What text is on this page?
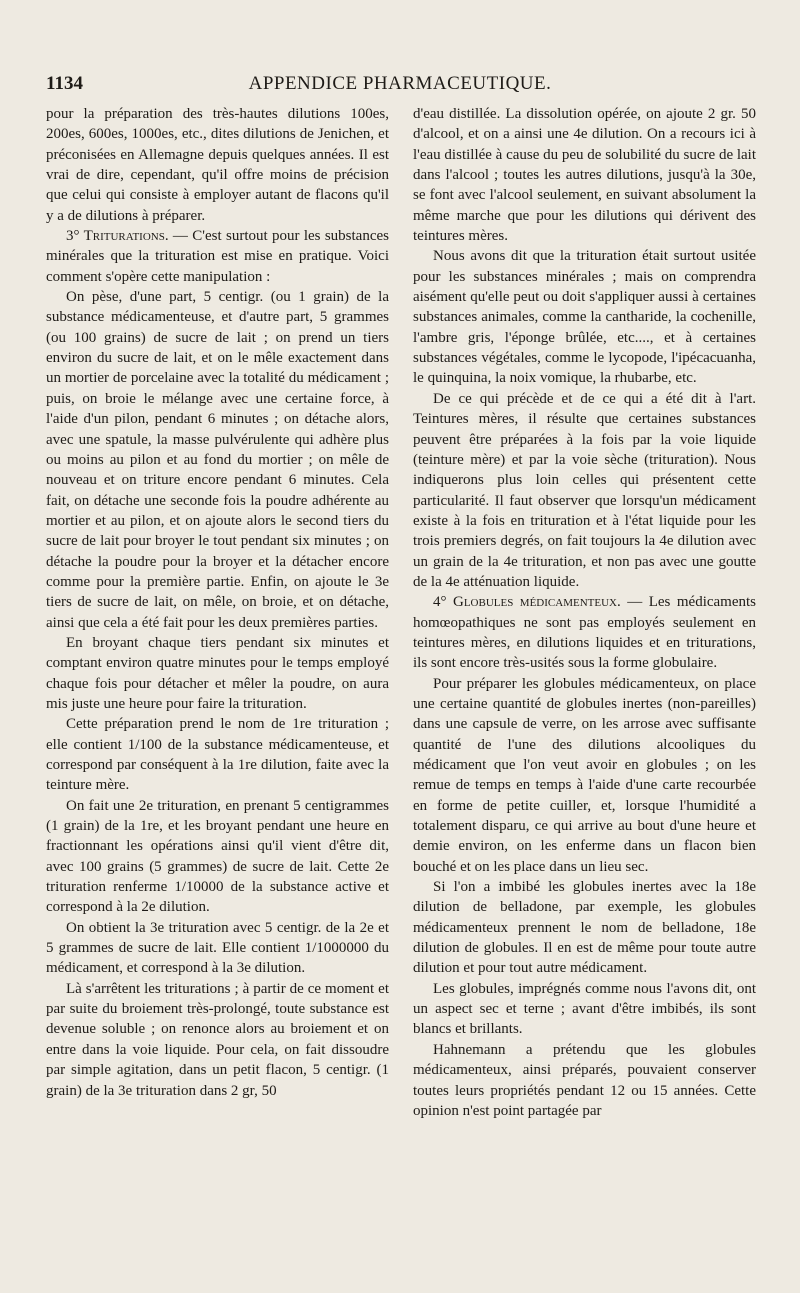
1134	APPENDICE PHARMACEUTIQUE.

pour la préparation des très-hautes dilutions 100es, 200es, 600es, 1000es, etc., dites dilutions de Jenichen, et préconisées en Allemagne depuis quelques années. Il est vrai de dire, cependant, qu'il offre moins de précision que celui qui consiste à employer autant de flacons qu'il y a de dilutions à préparer.

3° Triturations. — C'est surtout pour les substances minérales que la trituration est mise en pratique. Voici comment s'opère cette manipulation :

On pèse, d'une part, 5 centigr. (ou 1 grain) de la substance médicamenteuse, et d'autre part, 5 grammes (ou 100 grains) de sucre de lait ; on prend un tiers environ du sucre de lait, et on le mêle exactement dans un mortier de porcelaine avec la totalité du médicament ; puis, on broie le mélange avec une certaine force, à l'aide d'un pilon, pendant 6 minutes ; on détache alors, avec une spatule, la masse pulvérulente qui adhère plus ou moins au pilon et au fond du mortier ; on mêle de nouveau et on triture encore pendant 6 minutes. Cela fait, on détache une seconde fois la poudre adhérente au mortier et au pilon, et on ajoute alors le second tiers du sucre de lait pour broyer le tout pendant six minutes ; on détache la poudre pour la broyer et la détacher encore comme pour la première partie. Enfin, on ajoute le 3e tiers de sucre de lait, on mêle, on broie, et on détache, ainsi que cela a été fait pour les deux premières parties.

En broyant chaque tiers pendant six minutes et comptant environ quatre minutes pour le temps employé chaque fois pour détacher et mêler la poudre, on aura mis juste une heure pour faire la trituration.

Cette préparation prend le nom de 1re trituration ; elle contient 1/100 de la substance médicamenteuse, et correspond par conséquent à la 1re dilution, faite avec la teinture mère.

On fait une 2e trituration, en prenant 5 centigrammes (1 grain) de la 1re, et les broyant pendant une heure en fractionnant les opérations ainsi qu'il vient d'être dit, avec 100 grains (5 grammes) de sucre de lait. Cette 2e trituration renferme 1/10000 de la substance active et correspond à la 2e dilution.

On obtient la 3e trituration avec 5 centigr. de la 2e et 5 grammes de sucre de lait. Elle contient 1/1000000 du médicament, et correspond à la 3e dilution.

Là s'arrêtent les triturations ; à partir de ce moment et par suite du broiement très-prolongé, toute substance est devenue soluble ; on renonce alors au broiement et on entre dans la voie liquide. Pour cela, on fait dissoudre par simple agitation, dans un petit flacon, 5 centigr. (1 grain) de la 3e trituration dans 2 gr, 50

d'eau distillée. La dissolution opérée, on ajoute 2 gr. 50 d'alcool, et on a ainsi une 4e dilution. On a recours ici à l'eau distillée à cause du peu de solubilité du sucre de lait dans l'alcool ; toutes les autres dilutions, jusqu'à la 30e, se font avec l'alcool seulement, en suivant absolument la même marche que pour les dilutions qui dérivent des teintures mères.

Nous avons dit que la trituration était surtout usitée pour les substances minérales ; mais on comprendra aisément qu'elle peut ou doit s'appliquer aussi à certaines substances animales, comme la cantharide, la cochenille, l'ambre gris, l'éponge brûlée, etc...., et à certaines substances végétales, comme le lycopode, l'ipécacuanha, le quinquina, la noix vomique, la rhubarbe, etc.

De ce qui précède et de ce qui a été dit à l'art. Teintures mères, il résulte que certaines substances peuvent être préparées à la fois par la voie liquide (teinture mère) et par la voie sèche (trituration). Nous indiquerons plus loin celles qui présentent cette particularité. Il faut observer que lorsqu'un médicament existe à la fois en trituration et à l'état liquide pour les trois premiers degrés, on fait toujours la 4e dilution avec un grain de la 4e trituration, et non pas avec une goutte de la 4e atténuation liquide.

4° Globules médicamenteux. — Les médicaments homœopathiques ne sont pas employés seulement en teintures mères, en dilutions liquides et en triturations, ils sont encore très-usités sous la forme globulaire.

Pour préparer les globules médicamenteux, on place une certaine quantité de globules inertes (non-pareilles) dans une capsule de verre, on les arrose avec suffisante quantité de l'une des dilutions alcooliques du médicament que l'on veut avoir en globules ; on les remue de temps en temps à l'aide d'une carte recourbée en forme de petite cuiller, et, lorsque l'humidité a totalement disparu, ce qui arrive au bout d'une heure et demie environ, on les enferme dans un flacon bien bouché et on les place dans un lieu sec.

Si l'on a imbibé les globules inertes avec la 18e dilution de belladone, par exemple, les globules médicamenteux prennent le nom de belladone, 18e dilution de globules. Il en est de même pour toute autre dilution et pour tout autre médicament.

Les globules, imprégnés comme nous l'avons dit, ont un aspect sec et terne ; avant d'être imbibés, ils sont blancs et brillants.

Hahnemann a prétendu que les globules médicamenteux, ainsi préparés, pouvaient conserver toutes leurs propriétés pendant 12 ou 15 années. Cette opinion n'est point partagée par
